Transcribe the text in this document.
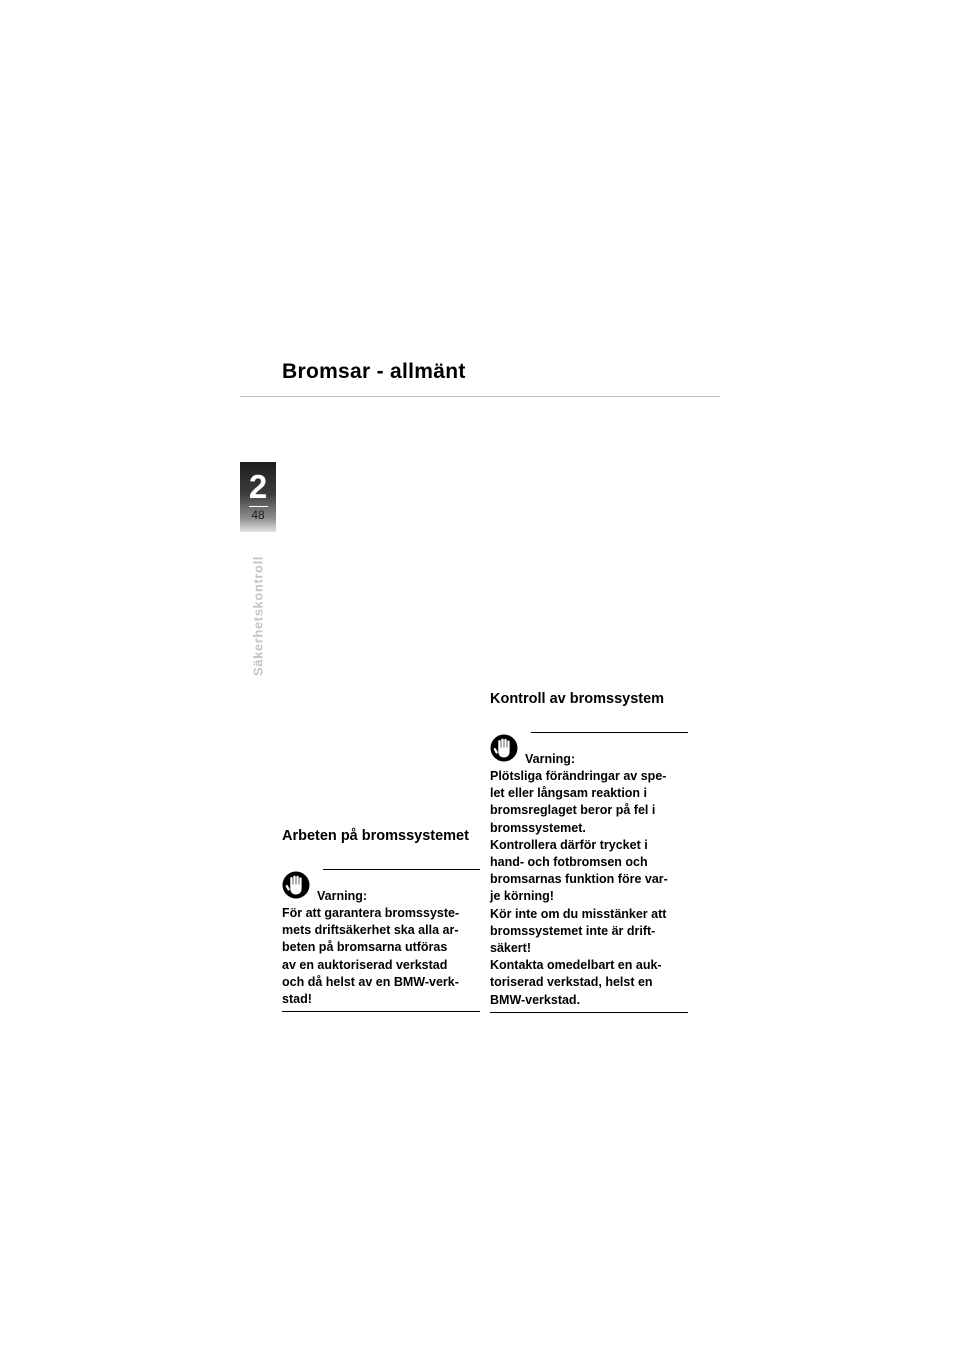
Bromsar - allmänt
2
48
Säkerhetskontroll
Arbeten på bromssystemet
Varning:
För att garantera bromssyste-
mets driftsäkerhet ska alla ar-
beten på bromsarna utföras
av en auktoriserad verkstad
och då helst av en BMW-verk-
stad!
Kontroll av bromssystem
Varning:
Plötsliga förändringar av spe-
let eller långsam reaktion i
bromsreglaget beror på fel i
bromssystemet.
Kontrollera därför trycket i
hand- och fotbromsen och
bromsarnas funktion före var-
je körning!
Kör inte om du misstänker att
bromssystemet inte är drift-
säkert!
Kontakta omedelbart en auk-
toriserad verkstad, helst en
BMW-verkstad.
